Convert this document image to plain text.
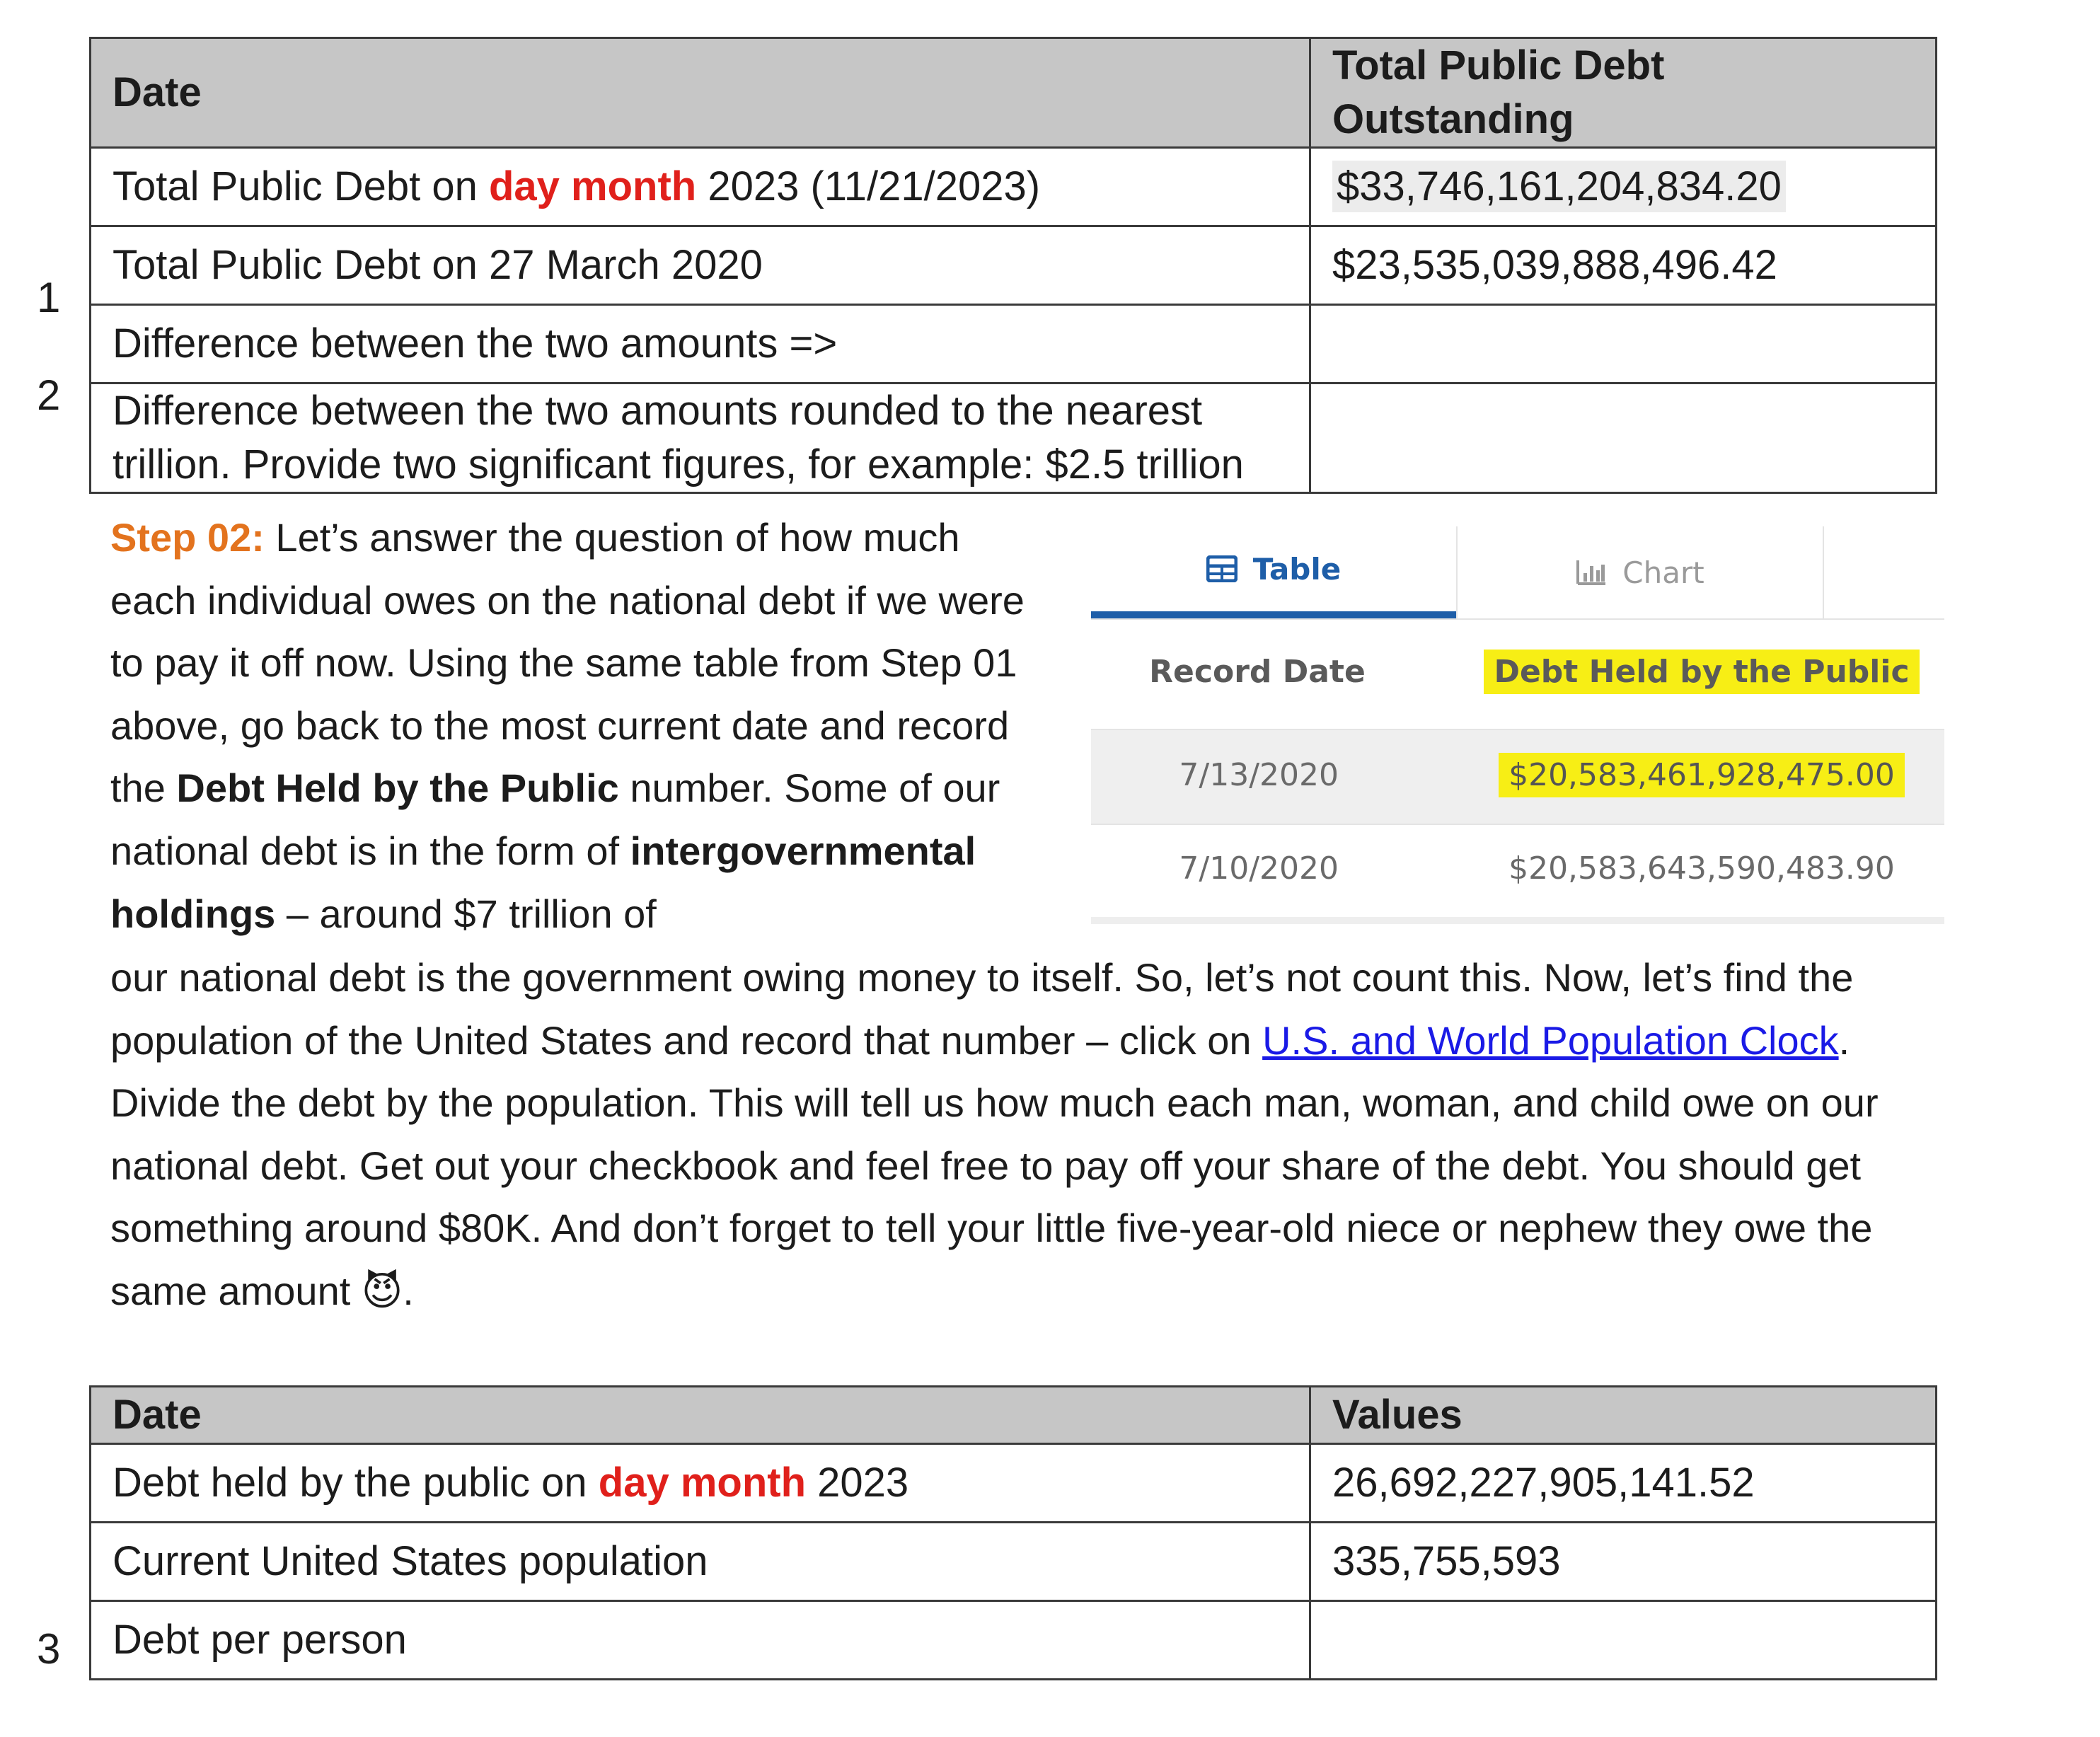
Date	Total Public Debt Outstanding
Total Public Debt on day month 2023 (11/21/2023)	$33,746,161,204,834.20
Total Public Debt on 27 March 2020	$23,535,039,888,496.42
Difference between the two amounts =>	
Difference between the two amounts rounded to the nearest
trillion. Provide two significant figures, for example: $2.5 trillion	
1
2
Step 02: Let’s answer the question of how much each individual owes on the national debt if we were to pay it off now. Using the same table from Step 01 above, go back to the most current date and record the Debt Held by the Public number. Some of our national debt is in the form of intergovernmental holdings – around $7 trillion of
our national debt is the government owing money to itself. So, let’s not count this. Now, let’s find the population of the United States and record that number – click on U.S. and World Population Clock. Divide the debt by the population. This will tell us how much each man, woman, and child owe on our national debt. Get out your checkbook and feel free to pay off your share of the debt. You should get something around $80K. And don’t forget to tell your little five-year-old niece or nephew they owe the same amount 😈.
Table	Chart
Record Date	Debt Held by the Public
7/13/2020	$20,583,461,928,475.00
7/10/2020	$20,583,643,590,483.90
Date	Values
Debt held by the public on day month 2023	26,692,227,905,141.52
Current United States population	335,755,593
Debt per person	
3
